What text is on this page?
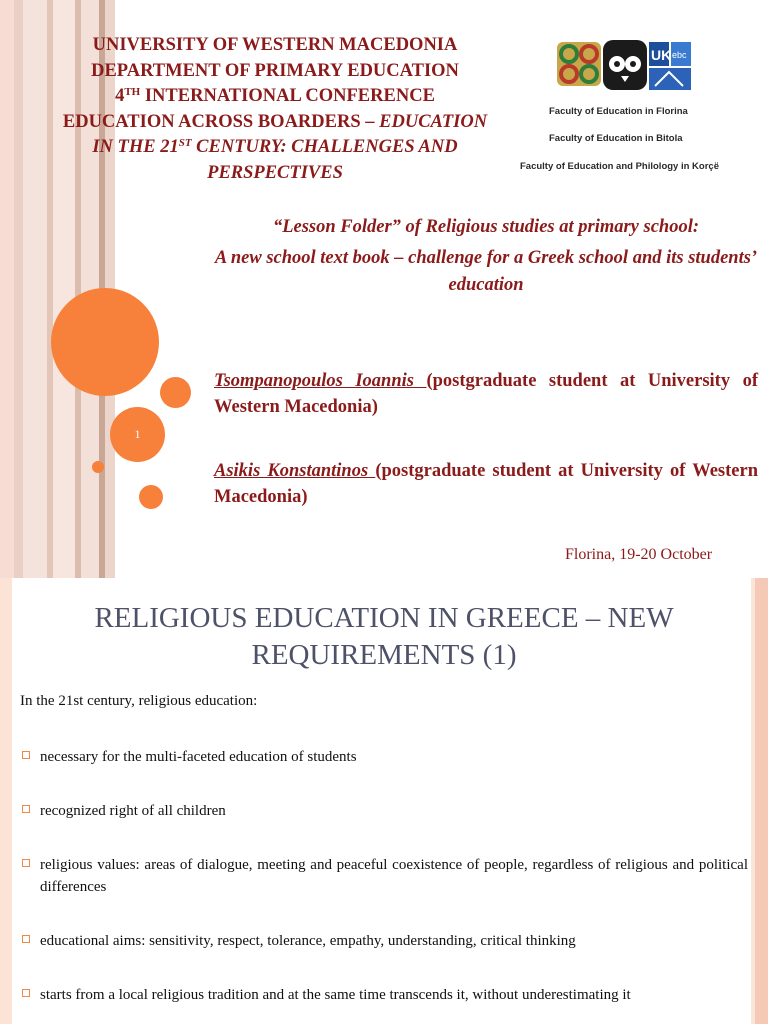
1
UNIVERSITY OF WESTERN MACEDONIA
DEPARTMENT OF PRIMARY EDUCATION
4TH INTERNATIONAL CONFERENCE
EDUCATION ACROSS BOARDERS – EDUCATION
IN THE 21ST CENTURY: CHALLENGES AND
PERSPECTIVES
UK ebc
Faculty of Education in Florina
Faculty of Education in Bitola
Faculty of Education and Philology in Korçë

“Lesson Folder” of Religious studies at primary school:

A new school text book – challenge for a Greek school and its students’ education

Tsompanopoulos Ioannis (postgraduate student at University of Western Macedonia)
Asikis Konstantinos (postgraduate student at University of Western Macedonia)
Florina, 19-20 October
RELIGIOUS EDUCATION IN GREECE – NEW REQUIREMENTS (1)
In the 21st century, religious education:
necessary for the multi-faceted education of students
recognized right of all children
religious values: areas of dialogue, meeting and peaceful coexistence of people, regardless of religious and political differences
educational aims: sensitivity, respect, tolerance, empathy, understanding, critical thinking
starts from a local religious tradition and at the same time transcends it, without underestimating it
